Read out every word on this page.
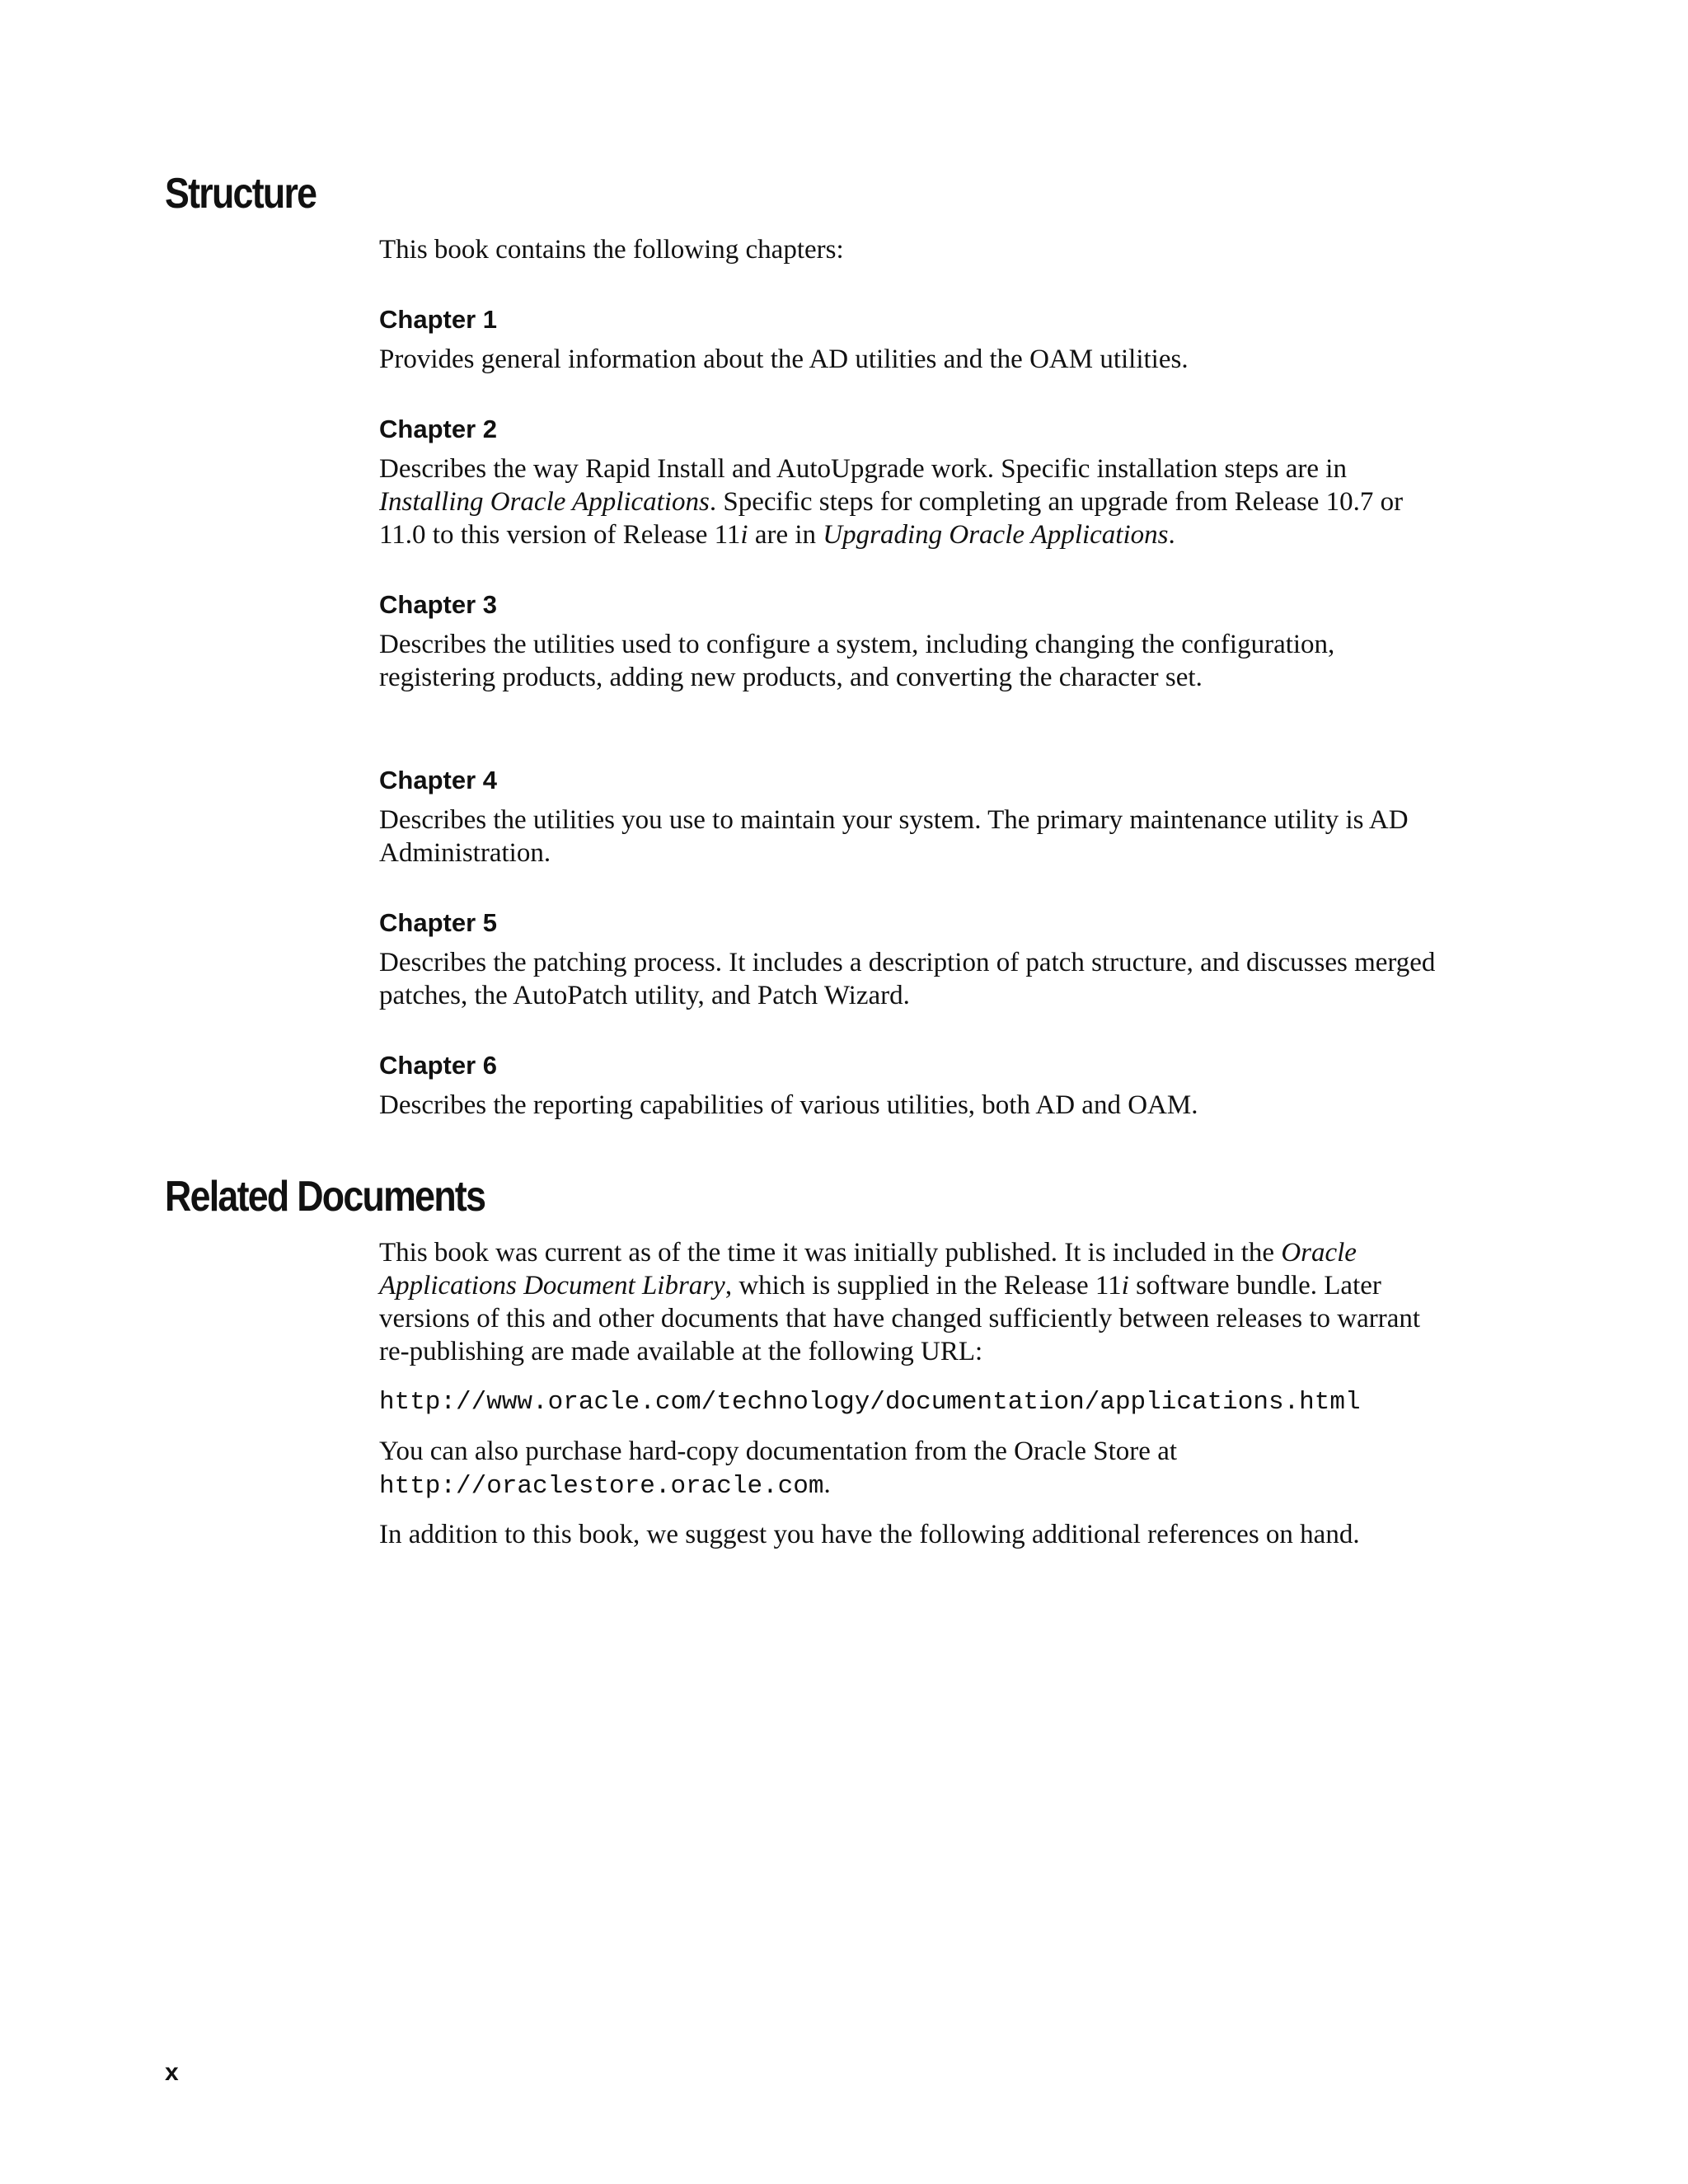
Structure

This book contains the following chapters:

Chapter 1

Provides general information about the AD utilities and the OAM utilities.

Chapter 2

Describes the way Rapid Install and AutoUpgrade work. Specific installation steps are in Installing Oracle Applications. Specific steps for completing an upgrade from Release 10.7 or 11.0 to this version of Release 11i are in Upgrading Oracle Applications.

Chapter 3

Describes the utilities used to configure a system, including changing the configuration, registering products, adding new products, and converting the character set.

Chapter 4

Describes the utilities you use to maintain your system. The primary maintenance utility is AD Administration.

Chapter 5

Describes the patching process. It includes a description of patch structure, and discusses merged patches, the AutoPatch utility, and Patch Wizard.

Chapter 6

Describes the reporting capabilities of various utilities, both AD and OAM.

Related Documents

This book was current as of the time it was initially published. It is included in the Oracle Applications Document Library, which is supplied in the Release 11i software bundle. Later versions of this and other documents that have changed sufficiently between releases to warrant re-publishing are made available at the following URL:

http://www.oracle.com/technology/documentation/applications.html

You can also purchase hard-copy documentation from the Oracle Store at http://oraclestore.oracle.com.

In addition to this book, we suggest you have the following additional references on hand.

x
